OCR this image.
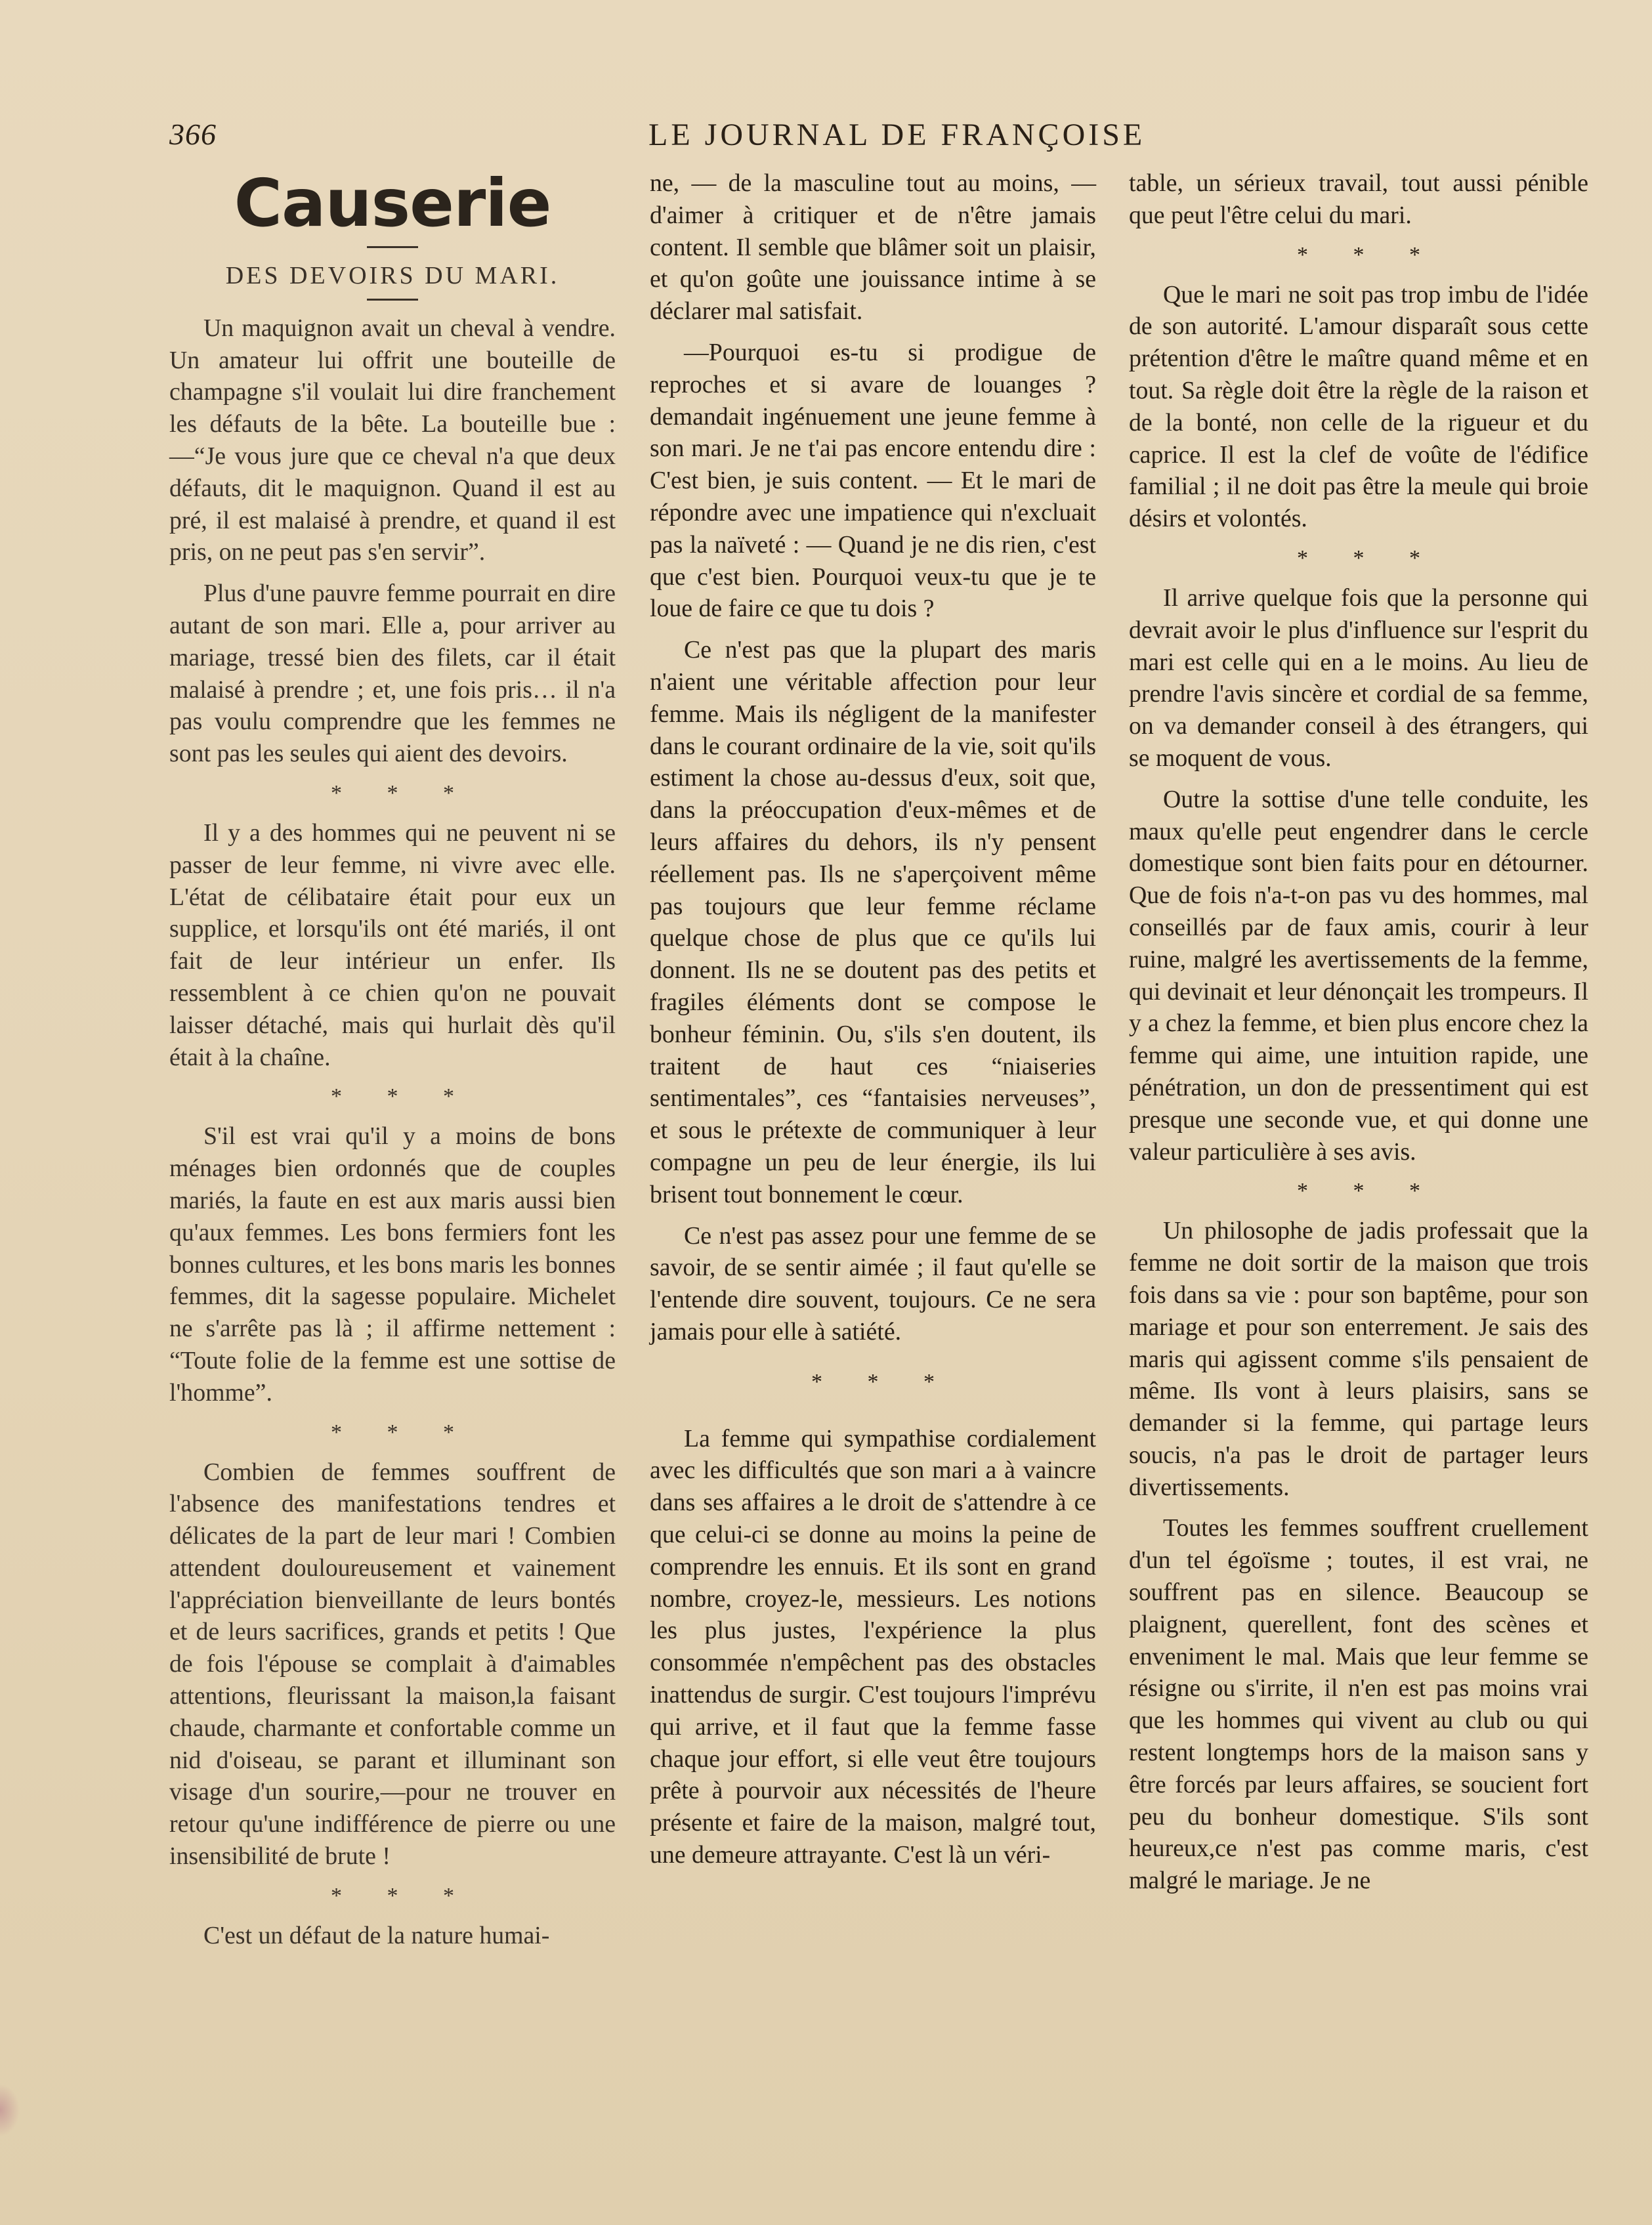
366	LE JOURNAL DE FRANÇOISE
Causerie
DES DEVOIRS DU MARI.

Un maquignon avait un cheval à vendre. Un amateur lui offrit une bouteille de champagne s'il voulait lui dire franchement les défauts de la bête. La bouteille bue :—“Je vous jure que ce cheval n'a que deux défauts, dit le maquignon. Quand il est au pré, il est malaisé à prendre, et quand il est pris, on ne peut pas s'en servir”.

Plus d'une pauvre femme pourrait en dire autant de son mari. Elle a, pour arriver au mariage, tressé bien des filets, car il était malaisé à prendre ; et, une fois pris… il n'a pas voulu comprendre que les femmes ne sont pas les seules qui aient des devoirs.

* * *

Il y a des hommes qui ne peuvent ni se passer de leur femme, ni vivre avec elle. L'état de célibataire était pour eux un supplice, et lorsqu'ils ont été mariés, il ont fait de leur intérieur un enfer. Ils ressemblent à ce chien qu'on ne pouvait laisser détaché, mais qui hurlait dès qu'il était à la chaîne.

* * *

S'il est vrai qu'il y a moins de bons ménages bien ordonnés que de couples mariés, la faute en est aux maris aussi bien qu'aux femmes. Les bons fermiers font les bonnes cultures, et les bons maris les bonnes femmes, dit la sagesse populaire. Michelet ne s'arrête pas là ; il affirme nettement : “Toute folie de la femme est une sottise de l'homme”.

* * *

Combien de femmes souffrent de l'absence des manifestations tendres et délicates de la part de leur mari ! Combien attendent douloureusement et vainement l'appréciation bienveillante de leurs bontés et de leurs sacrifices, grands et petits ! Que de fois l'épouse se complait à d'aimables attentions, fleurissant la maison,la faisant chaude, charmante et confortable comme un nid d'oiseau, se parant et illuminant son visage d'un sourire,—pour ne trouver en retour qu'une indifférence de pierre ou une insensibilité de brute !

* * *

C'est un défaut de la nature humai-

ne, — de la masculine tout au moins, — d'aimer à critiquer et de n'être jamais content. Il semble que blâmer soit un plaisir, et qu'on goûte une jouissance intime à se déclarer mal satisfait.

—Pourquoi es-tu si prodigue de reproches et si avare de louanges ? demandait ingénuement une jeune femme à son mari. Je ne t'ai pas encore entendu dire : C'est bien, je suis content. — Et le mari de répondre avec une impatience qui n'excluait pas la naïveté : — Quand je ne dis rien, c'est que c'est bien. Pourquoi veux-tu que je te loue de faire ce que tu dois ?

Ce n'est pas que la plupart des maris n'aient une véritable affection pour leur femme. Mais ils négligent de la manifester dans le courant ordinaire de la vie, soit qu'ils estiment la chose au-dessus d'eux, soit que, dans la préoccupation d'eux-mêmes et de leurs affaires du dehors, ils n'y pensent réellement pas. Ils ne s'aperçoivent même pas toujours que leur femme réclame quelque chose de plus que ce qu'ils lui donnent. Ils ne se doutent pas des petits et fragiles éléments dont se compose le bonheur féminin. Ou, s'ils s'en doutent, ils traitent de haut ces “niaiseries sentimentales”, ces “fantaisies nerveuses”, et sous le prétexte de communiquer à leur compagne un peu de leur énergie, ils lui brisent tout bonnement le cœur.

Ce n'est pas assez pour une femme de se savoir, de se sentir aimée ; il faut qu'elle se l'entende dire souvent, toujours. Ce ne sera jamais pour elle à satiété.

* * *

La femme qui sympathise cordialement avec les difficultés que son mari a à vaincre dans ses affaires a le droit de s'attendre à ce que celui-ci se donne au moins la peine de comprendre les ennuis. Et ils sont en grand nombre, croyez-le, messieurs. Les notions les plus justes, l'expérience la plus consommée n'empêchent pas des obstacles inattendus de surgir. C'est toujours l'imprévu qui arrive, et il faut que la femme fasse chaque jour effort, si elle veut être toujours prête à pourvoir aux nécessités de l'heure présente et faire de la maison, malgré tout, une demeure attrayante. C'est là un véri-

table, un sérieux travail, tout aussi pénible que peut l'être celui du mari.

* * *

Que le mari ne soit pas trop imbu de l'idée de son autorité. L'amour disparaît sous cette prétention d'être le maître quand même et en tout. Sa règle doit être la règle de la raison et de la bonté, non celle de la rigueur et du caprice. Il est la clef de voûte de l'édifice familial ; il ne doit pas être la meule qui broie désirs et volontés.

* * *

Il arrive quelque fois que la personne qui devrait avoir le plus d'influence sur l'esprit du mari est celle qui en a le moins. Au lieu de prendre l'avis sincère et cordial de sa femme, on va demander conseil à des étrangers, qui se moquent de vous.

Outre la sottise d'une telle conduite, les maux qu'elle peut engendrer dans le cercle domestique sont bien faits pour en détourner. Que de fois n'a-t-on pas vu des hommes, mal conseillés par de faux amis, courir à leur ruine, malgré les avertissements de la femme, qui devinait et leur dénonçait les trompeurs. Il y a chez la femme, et bien plus encore chez la femme qui aime, une intuition rapide, une pénétration, un don de pressentiment qui est presque une seconde vue, et qui donne une valeur particulière à ses avis.

* * *

Un philosophe de jadis professait que la femme ne doit sortir de la maison que trois fois dans sa vie : pour son baptême, pour son mariage et pour son enterrement. Je sais des maris qui agissent comme s'ils pensaient de même. Ils vont à leurs plaisirs, sans se demander si la femme, qui partage leurs soucis, n'a pas le droit de partager leurs divertissements.

Toutes les femmes souffrent cruellement d'un tel égoïsme ; toutes, il est vrai, ne souffrent pas en silence. Beaucoup se plaignent, querellent, font des scènes et enveniment le mal. Mais que leur femme se résigne ou s'irrite, il n'en est pas moins vrai que les hommes qui vivent au club ou qui restent longtemps hors de la maison sans y être forcés par leurs affaires, se soucient fort peu du bonheur domestique. S'ils sont heureux,ce n'est pas comme maris, c'est malgré le mariage. Je ne
